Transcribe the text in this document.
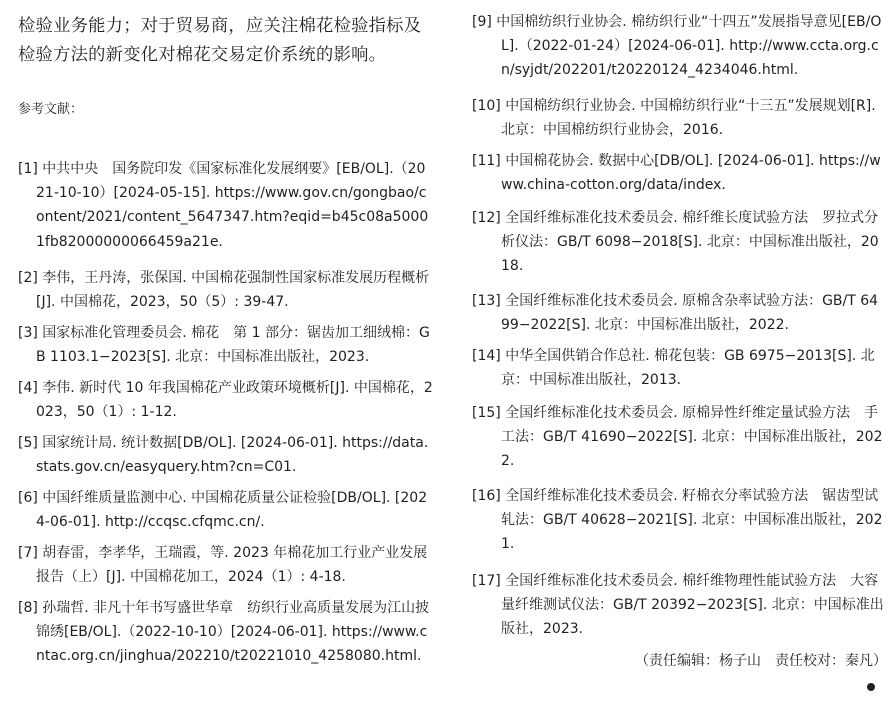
检验业务能力；对于贸易商，应关注棉花检验指标及检验方法的新变化对棉花交易定价系统的影响。
参考文献：
[1] 中共中央　国务院印发《国家标准化发展纲要》[EB/OL].（2021-10-10）[2024-05-15]. https://www.gov.cn/gongbao/content/2021/content_5647347.htm?eqid=b45c08a50001fb82000000066459a21e.
[2] 李伟，王丹涛，张保国. 中国棉花强制性国家标准发展历程概析[J]. 中国棉花，2023，50（5）: 39-47.
[3] 国家标准化管理委员会. 棉花　第 1 部分：锯齿加工细绒棉：GB 1103.1−2023[S]. 北京：中国标准出版社，2023.
[4] 李伟. 新时代 10 年我国棉花产业政策环境概析[J]. 中国棉花，2023，50（1）: 1-12.
[5] 国家统计局. 统计数据[DB/OL]. [2024-06-01]. https://data.stats.gov.cn/easyquery.htm?cn=C01.
[6] 中国纤维质量监测中心. 中国棉花质量公证检验[DB/OL]. [2024-06-01]. http://ccqsc.cfqmc.cn/.
[7] 胡春雷，李孝华，王瑞霞，等. 2023 年棉花加工行业产业发展报告（上）[J]. 中国棉花加工，2024（1）: 4-18.
[8] 孙瑞哲. 非凡十年书写盛世华章　纺织行业高质量发展为江山披锦绣[EB/OL].（2022-10-10）[2024-06-01]. https://www.cntac.org.cn/jinghua/202210/t20221010_4258080.html.
[9] 中国棉纺织行业协会. 棉纺织行业“十四五”发展指导意见[EB/OL].（2022-01-24）[2024-06-01]. http://www.ccta.org.cn/syjdt/202201/t20220124_4234046.html.
[10] 中国棉纺织行业协会. 中国棉纺织行业“十三五”发展规划[R]. 北京：中国棉纺织行业协会，2016.
[11] 中国棉花协会. 数据中心[DB/OL]. [2024-06-01]. https://www.china-cotton.org/data/index.
[12] 全国纤维标准化技术委员会. 棉纤维长度试验方法　罗拉式分析仪法：GB/T 6098−2018[S]. 北京：中国标准出版社，2018.
[13] 全国纤维标准化技术委员会. 原棉含杂率试验方法：GB/T 6499−2022[S]. 北京：中国标准出版社，2022.
[14] 中华全国供销合作总社. 棉花包装：GB 6975−2013[S]. 北京：中国标准出版社，2013.
[15] 全国纤维标准化技术委员会. 原棉异性纤维定量试验方法　手工法：GB/T 41690−2022[S]. 北京：中国标准出版社，2022.
[16] 全国纤维标准化技术委员会. 籽棉衣分率试验方法　锯齿型试轧法：GB/T 40628−2021[S]. 北京：中国标准出版社，2021.
[17] 全国纤维标准化技术委员会. 棉纤维物理性能试验方法　大容量纤维测试仪法：GB/T 20392−2023[S]. 北京：中国标准出版社，2023.
（责任编辑：杨子山　责任校对：秦凡）
